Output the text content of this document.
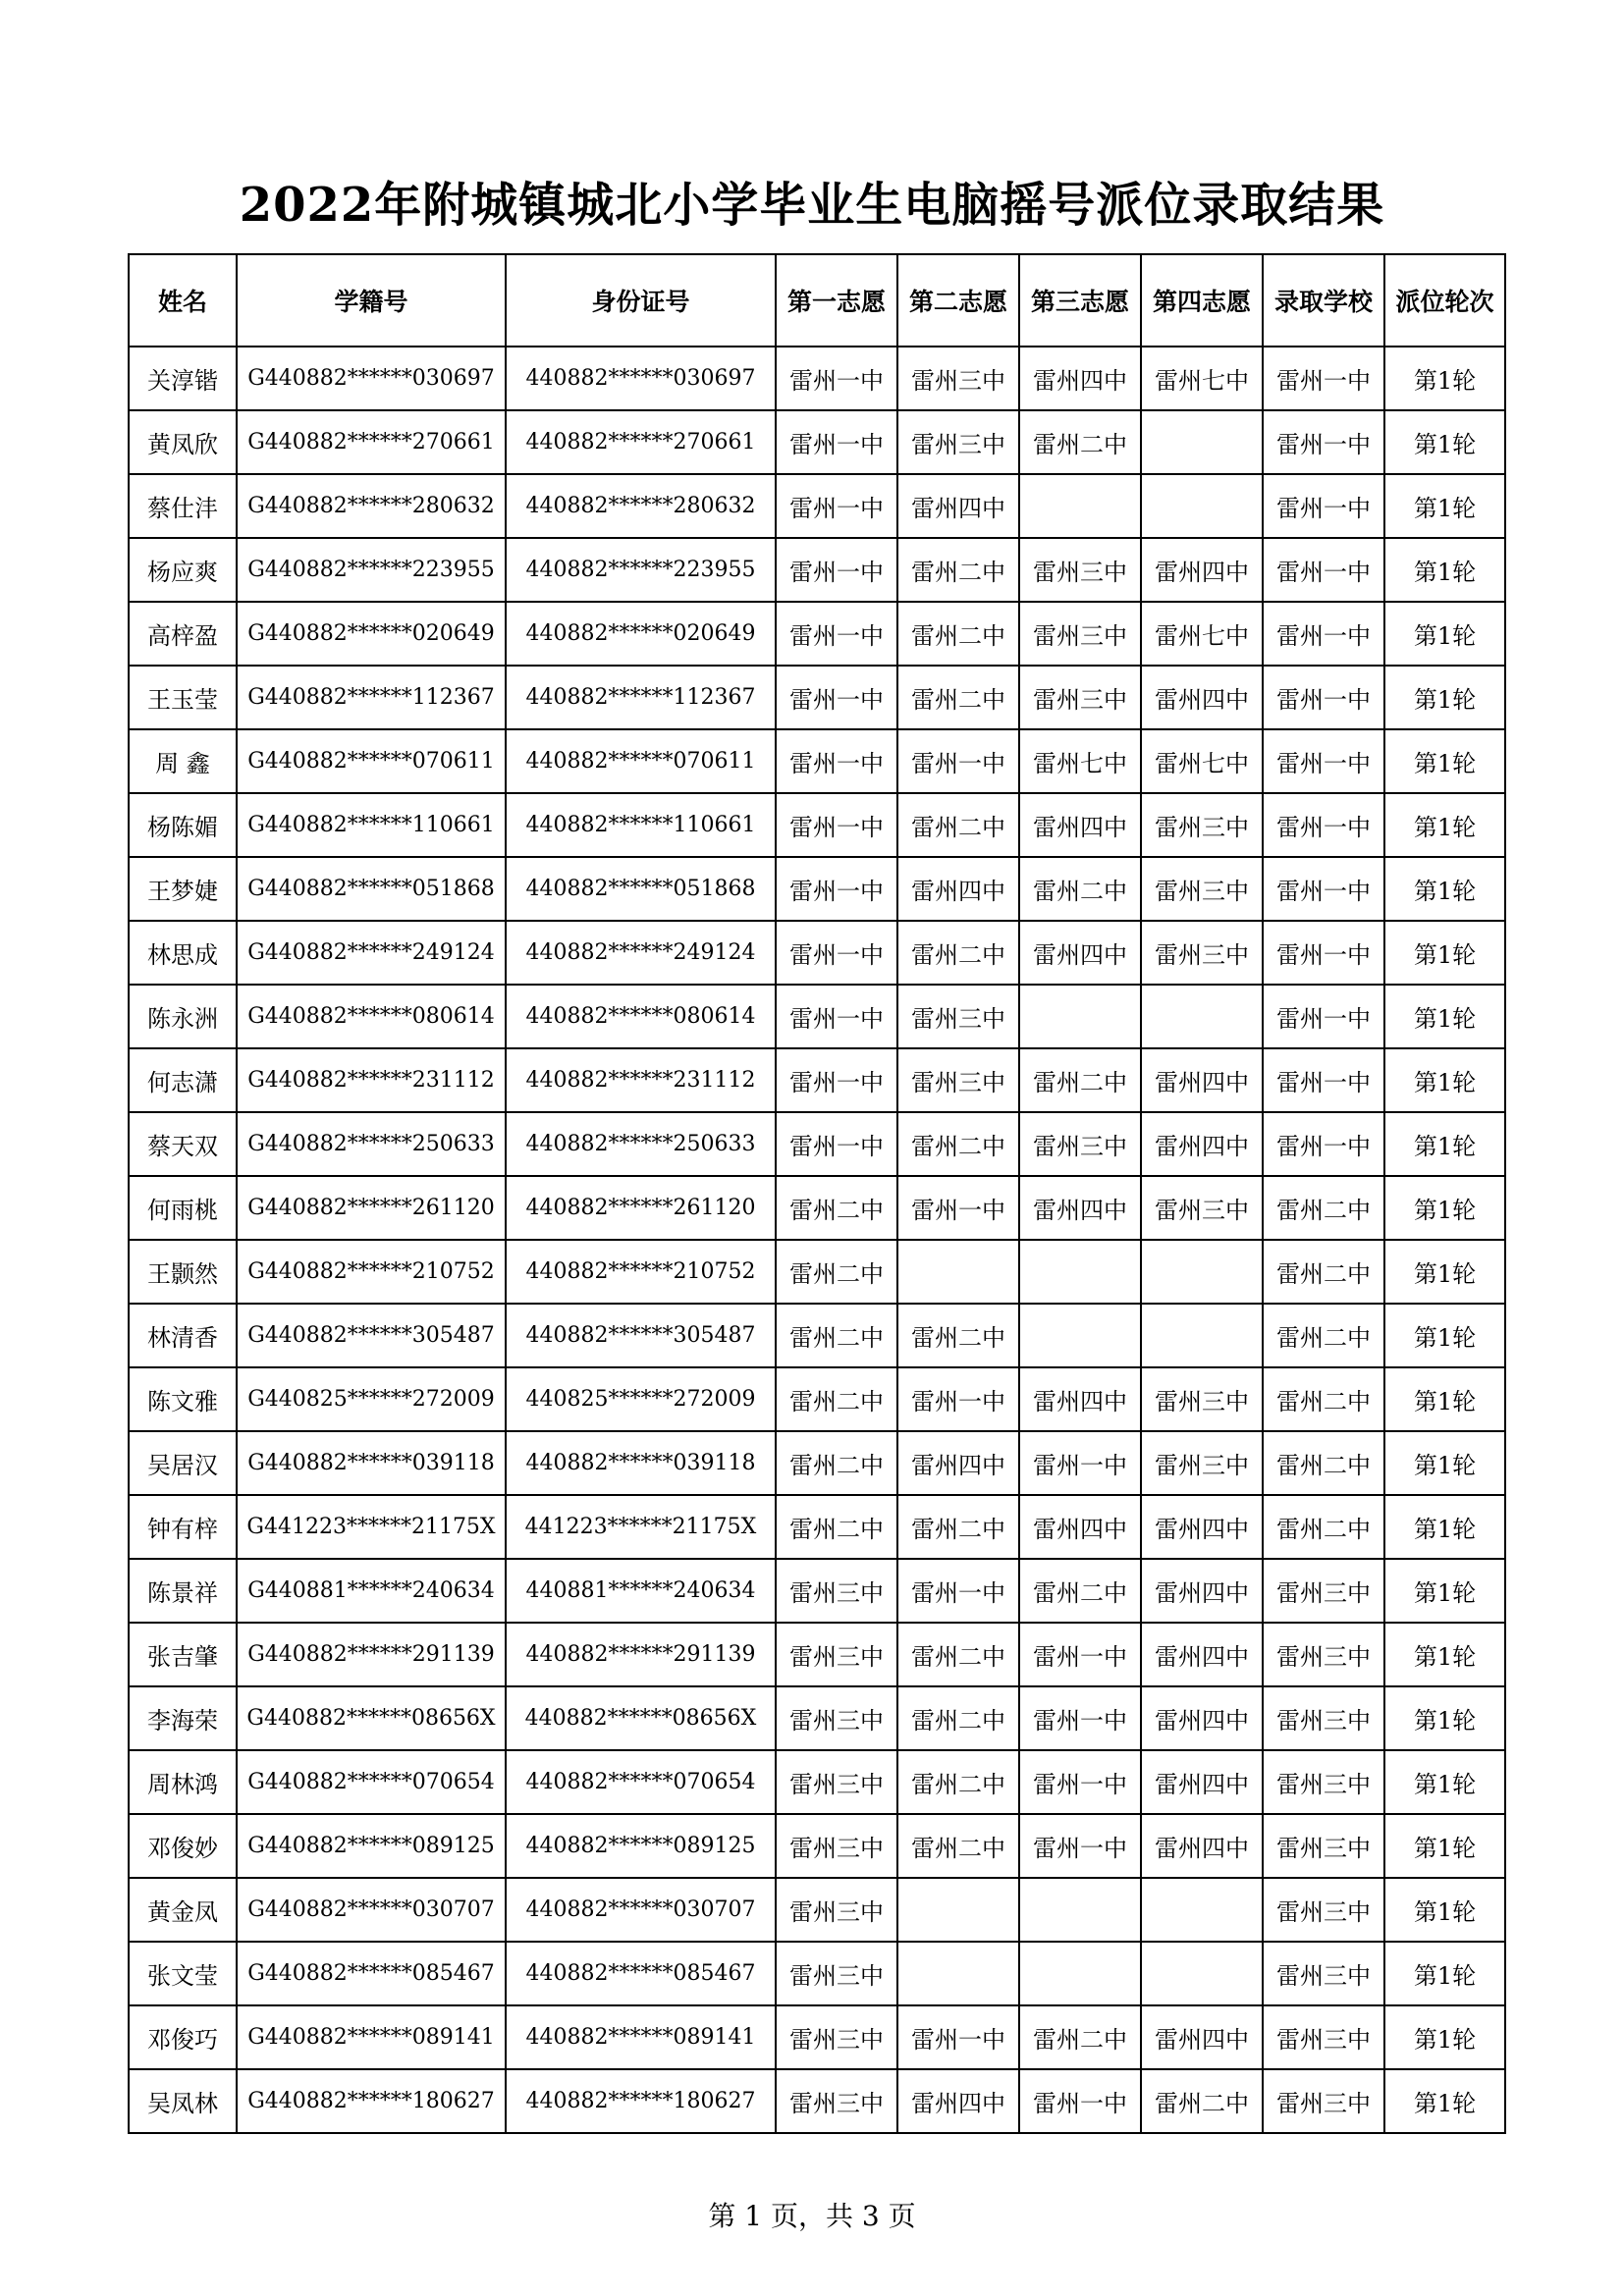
2022年附城镇城北小学毕业生电脑摇号派位录取结果
姓名	学籍号	身份证号	第一志愿	第二志愿	第三志愿	第四志愿	录取学校	派位轮次
关淳锴	G440882******030697	440882******030697	雷州一中	雷州三中	雷州四中	雷州七中	雷州一中	第1轮
黄凤欣	G440882******270661	440882******270661	雷州一中	雷州三中	雷州二中		雷州一中	第1轮
蔡仕沣	G440882******280632	440882******280632	雷州一中	雷州四中			雷州一中	第1轮
杨应爽	G440882******223955	440882******223955	雷州一中	雷州二中	雷州三中	雷州四中	雷州一中	第1轮
高梓盈	G440882******020649	440882******020649	雷州一中	雷州二中	雷州三中	雷州七中	雷州一中	第1轮
王玉莹	G440882******112367	440882******112367	雷州一中	雷州二中	雷州三中	雷州四中	雷州一中	第1轮
周 鑫	G440882******070611	440882******070611	雷州一中	雷州一中	雷州七中	雷州七中	雷州一中	第1轮
杨陈媚	G440882******110661	440882******110661	雷州一中	雷州二中	雷州四中	雷州三中	雷州一中	第1轮
王梦婕	G440882******051868	440882******051868	雷州一中	雷州四中	雷州二中	雷州三中	雷州一中	第1轮
林思成	G440882******249124	440882******249124	雷州一中	雷州二中	雷州四中	雷州三中	雷州一中	第1轮
陈永洲	G440882******080614	440882******080614	雷州一中	雷州三中			雷州一中	第1轮
何志潇	G440882******231112	440882******231112	雷州一中	雷州三中	雷州二中	雷州四中	雷州一中	第1轮
蔡天双	G440882******250633	440882******250633	雷州一中	雷州二中	雷州三中	雷州四中	雷州一中	第1轮
何雨桃	G440882******261120	440882******261120	雷州二中	雷州一中	雷州四中	雷州三中	雷州二中	第1轮
王颢然	G440882******210752	440882******210752	雷州二中				雷州二中	第1轮
林清香	G440882******305487	440882******305487	雷州二中	雷州二中			雷州二中	第1轮
陈文雅	G440825******272009	440825******272009	雷州二中	雷州一中	雷州四中	雷州三中	雷州二中	第1轮
吴居汉	G440882******039118	440882******039118	雷州二中	雷州四中	雷州一中	雷州三中	雷州二中	第1轮
钟有梓	G441223******21175X	441223******21175X	雷州二中	雷州二中	雷州四中	雷州四中	雷州二中	第1轮
陈景祥	G440881******240634	440881******240634	雷州三中	雷州一中	雷州二中	雷州四中	雷州三中	第1轮
张吉肇	G440882******291139	440882******291139	雷州三中	雷州二中	雷州一中	雷州四中	雷州三中	第1轮
李海荣	G440882******08656X	440882******08656X	雷州三中	雷州二中	雷州一中	雷州四中	雷州三中	第1轮
周林鸿	G440882******070654	440882******070654	雷州三中	雷州二中	雷州一中	雷州四中	雷州三中	第1轮
邓俊妙	G440882******089125	440882******089125	雷州三中	雷州二中	雷州一中	雷州四中	雷州三中	第1轮
黄金凤	G440882******030707	440882******030707	雷州三中				雷州三中	第1轮
张文莹	G440882******085467	440882******085467	雷州三中				雷州三中	第1轮
邓俊巧	G440882******089141	440882******089141	雷州三中	雷州一中	雷州二中	雷州四中	雷州三中	第1轮
吴凤林	G440882******180627	440882******180627	雷州三中	雷州四中	雷州一中	雷州二中	雷州三中	第1轮
第 1 页，共 3 页
